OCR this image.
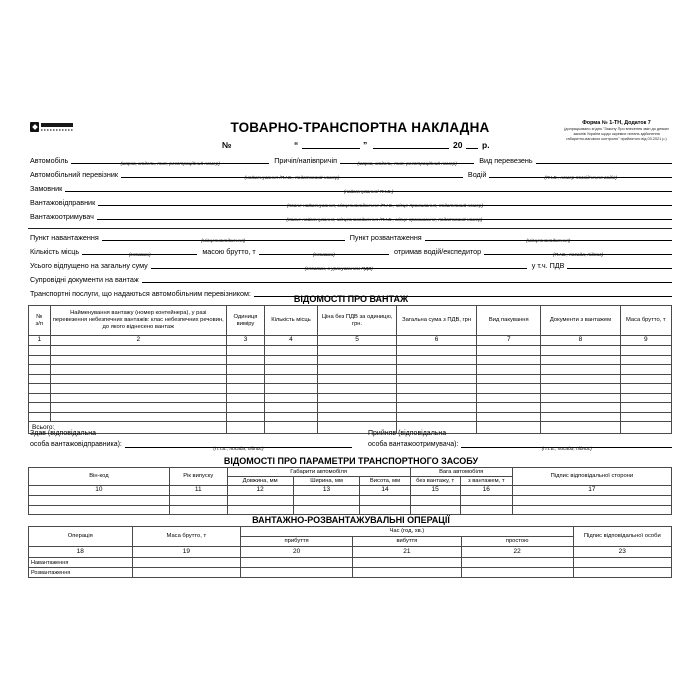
ТОВАРНО-ТРАНСПОРТНА НАКЛАДНА	Форма № 1-ТН, Додаток 7
(допрацьовано згідно "Закону Про внесення змін до деяких
законів України щодо окремих питань здійснення
габаритно-вагового контролю" прийнятого від 03.2021 р.)
№	“	”	20 р.
Автомобіль	(марка, модель, тип, реєстраційний номер)	Причіп/напівпричіп	(марка, модель, тип, реєстраційний номер)	Вид перевезень
Автомобільний перевізник	(найменування /П.І.Б., податковий номер)	Водій	(П.І.Б., номер посвідчення водія)
Замовник	(найменування/ П.І.Б.)
Вантажовідправник	(повне найменування, місцезнаходження /П.І.Б., місце проживання, податковий номер)
Вантажоотримувач	(повне найменування, місцезнаходження /П.І.Б., місце проживання, податковий номер)
Пункт навантаження	(місцезнаходження)	Пункт розвантаження	(місцезнаходження)
Кількість місць	(словами)	масою брутто, т	(словами)	отримав водій/експедитор	(П.І.Б., посада, підпис)
Усього відпущено на загальну суму	(словами, з урахуванням ПДВ)	у т.ч. ПДВ
Супровідні документи на вантаж
Транспортні послуги, що надаються автомобільним перевізником:
ВІДОМОСТІ ПРО ВАНТАЖ
№
з/п	Найменування вантажу (номер контейнера), у разі перевезення небезпечних вантажів: клас небезпечних речовин, до якого віднесено вантаж	Одиниця виміру	Кількість місць	Ціна без ПДВ за одиницю, грн.	Загальна сума з ПДВ, грн	Вид пакування	Документи з вантажем	Маса брутто, т
1	2	3	4	5	6	7	8	9

Всього:								
Здав (відповідальна
особа вантажовідправника):
(П.І.Б., посада, підпис)
Прийняв (відповідальна
особа вантажоотримувача):
(П.І.Б., посада, підпис)
ВІДОМОСТІ ПРО ПАРАМЕТРИ ТРАНСПОРТНОГО ЗАСОБУ
Він-код	Рік випуску	Габарити автомобіля			Вага автомобіля		Підпис відповідальної сторони
		Довжина, мм	Ширина, мм	Висота, мм	без вантажу, т	з вантажем, т	
10	11	12	13	14	15	16	17

ВАНТАЖНО-РОЗВАНТАЖУВАЛЬНІ ОПЕРАЦІЇ
Операція	Маса брутто, т	Час (год, хв.)			Підпис відповідальної особи
		прибуття	вибуття	простою	
18	19	20	21	22	23
Навантаження					
Розвантаження					
